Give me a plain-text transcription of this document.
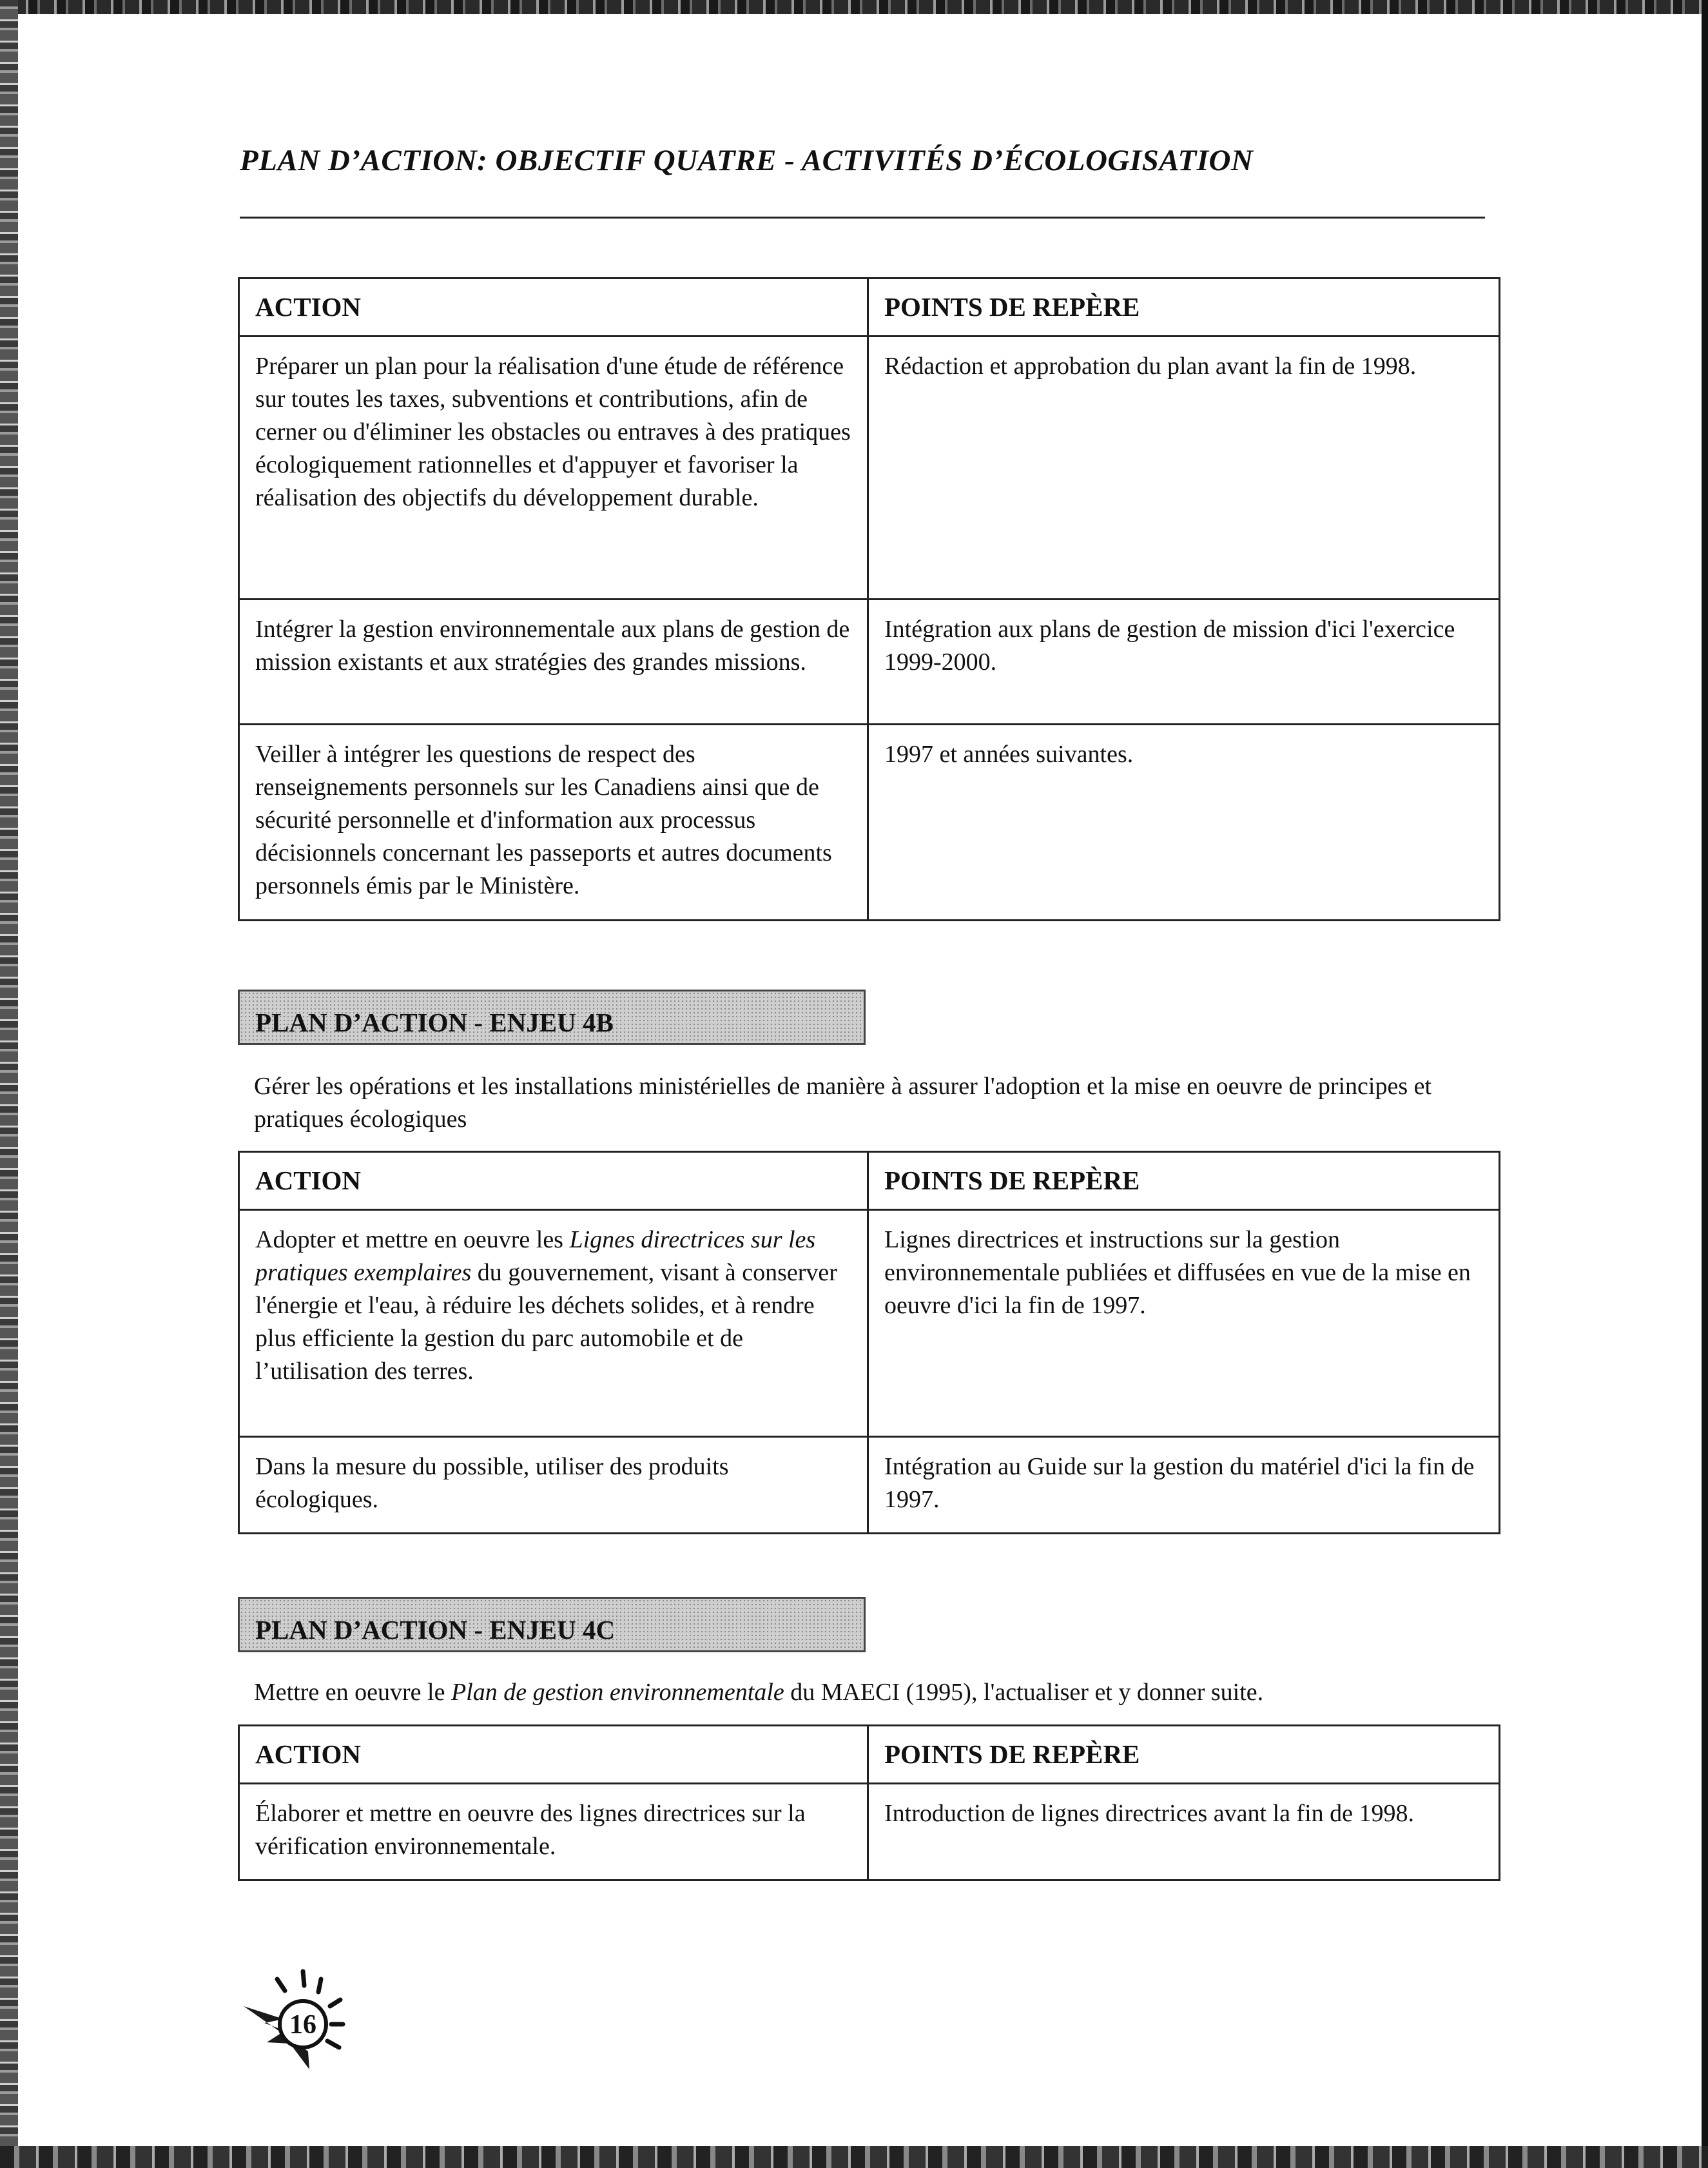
PLAN D’ACTION: OBJECTIF QUATRE - ACTIVITÉS D’ÉCOLOGISATION
ACTION	POINTS DE REPÈRE
Préparer un plan pour la réalisation d'une étude de référence sur toutes les taxes, subventions et contributions, afin de cerner ou d'éliminer les obstacles ou entraves à des pratiques écologiquement rationnelles et d'appuyer et favoriser la réalisation des objectifs du développement durable.	Rédaction et approbation du plan avant la fin de 1998.
Intégrer la gestion environnementale aux plans de gestion de mission existants et aux stratégies des grandes missions.	Intégration aux plans de gestion de mission d'ici l'exercice 1999-2000.
Veiller à intégrer les questions de respect des renseignements personnels sur les Canadiens ainsi que de sécurité personnelle et d'information aux processus décisionnels concernant les passeports et autres documents personnels émis par le Ministère.	1997 et années suivantes.
PLAN D’ACTION - ENJEU 4B
Gérer les opérations et les installations ministérielles de manière à assurer l'adoption et la mise en oeuvre de principes et pratiques écologiques
ACTION	POINTS DE REPÈRE
Adopter et mettre en oeuvre les Lignes directrices sur les pratiques exemplaires du gouvernement, visant à conserver l'énergie et l'eau, à réduire les déchets solides, et à rendre plus efficiente la gestion du parc automobile et de l’utilisation des terres.	Lignes directrices et instructions sur la gestion environnementale publiées et diffusées en vue de la mise en oeuvre d'ici la fin de 1997.
Dans la mesure du possible, utiliser des produits écologiques.	Intégration au Guide sur la gestion du matériel d'ici la fin de 1997.
PLAN D’ACTION - ENJEU 4C
Mettre en oeuvre le Plan de gestion environnementale du MAECI (1995), l'actualiser et y donner suite.
ACTION	POINTS DE REPÈRE
Élaborer et mettre en oeuvre des lignes directrices sur la vérification environnementale.	Introduction de lignes directrices avant la fin de 1998.
16
